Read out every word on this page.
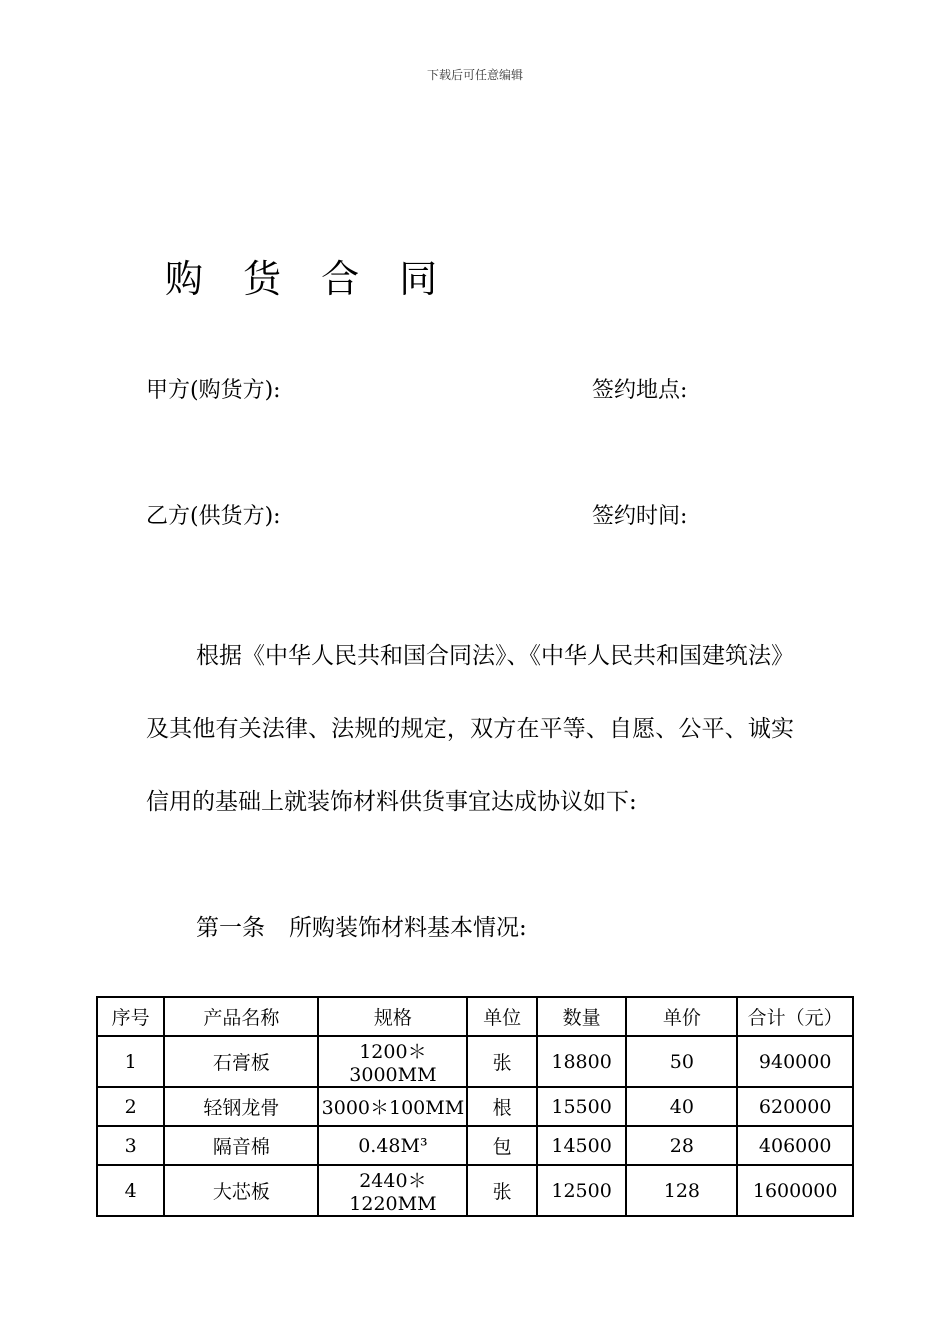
下载后可任意编辑
购 货 合 同
甲方(购货方):	签约地点:
乙方(供货方):	签约时间:
根据《中华人民共和国合同法》、《中华人民共和国建筑法》及其他有关法律、法规的规定，双方在平等、自愿、公平、诚实信用的基础上就装饰材料供货事宜达成协议如下:
第一条 所购装饰材料基本情况:
序号	产品名称	规格	单位	数量	单价	合计（元）
1	石膏板	1200＊3000MM	张	18800	50	940000
2	轻钢龙骨	3000＊100MM	根	15500	40	620000
3	隔音棉	0.48M³	包	14500	28	406000
4	大芯板	2440＊1220MM	张	12500	128	1600000
